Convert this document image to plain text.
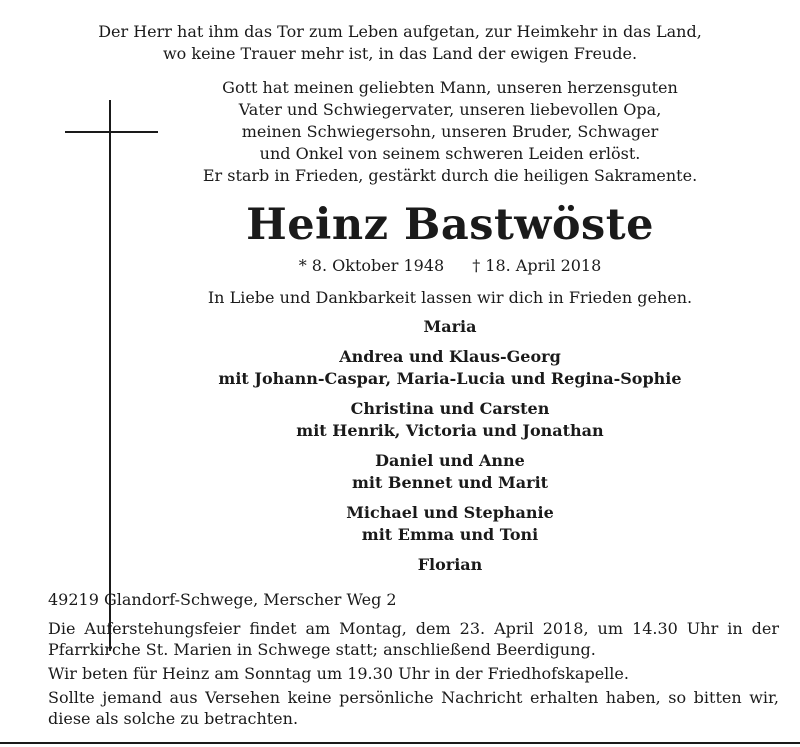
Der Herr hat ihm das Tor zum Leben aufgetan, zur Heimkehr in das Land,
wo keine Trauer mehr ist, in das Land der ewigen Freude.
Gott hat meinen geliebten Mann, unseren herzensguten
Vater und Schwiegervater, unseren liebevollen Opa,
meinen Schwiegersohn, unseren Bruder, Schwager
und Onkel von seinem schweren Leiden erlöst.
Er starb in Frieden, gestärkt durch die heiligen Sakramente.
Heinz Bastwöste
* 8. Oktober 1948 † 18. April 2018
In Liebe und Dankbarkeit lassen wir dich in Frieden gehen.
Maria
Andrea und Klaus-Georg
mit Johann-Caspar, Maria-Lucia und Regina-Sophie
Christina und Carsten
mit Henrik, Victoria und Jonathan
Daniel und Anne
mit Bennet und Marit
Michael und Stephanie
mit Emma und Toni
Florian
49219 Glandorf-Schwege, Merscher Weg 2
Die Auferstehungsfeier findet am Montag, dem 23. April 2018, um 14.30 Uhr in der
Pfarrkirche St. Marien in Schwege statt; anschließend Beerdigung.
Wir beten für Heinz am Sonntag um 19.30 Uhr in der Friedhofskapelle.
Sollte jemand aus Versehen keine persönliche Nachricht erhalten haben, so bitten wir,
diese als solche zu betrachten.
